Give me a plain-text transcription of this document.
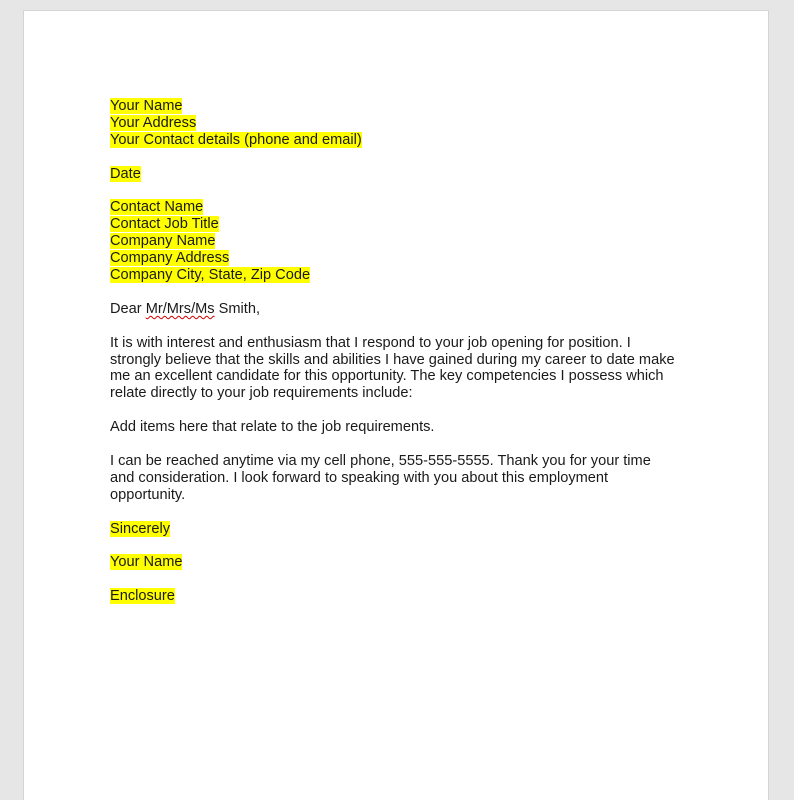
Your Name
Your Address
Your Contact details (phone and email)
Date
Contact Name
Contact Job Title
Company Name
Company Address
Company City, State, Zip Code
Dear Mr/Mrs/Ms Smith,
It is with interest and enthusiasm that I respond to your job opening for position. I
strongly believe that the skills and abilities I have gained during my career to date make
me an excellent candidate for this opportunity. The key competencies I possess which
relate directly to your job requirements include:
Add items here that relate to the job requirements.
I can be reached anytime via my cell phone, 555-555-5555. Thank you for your time
and consideration. I look forward to speaking with you about this employment
opportunity.
Sincerely
Your Name
Enclosure
